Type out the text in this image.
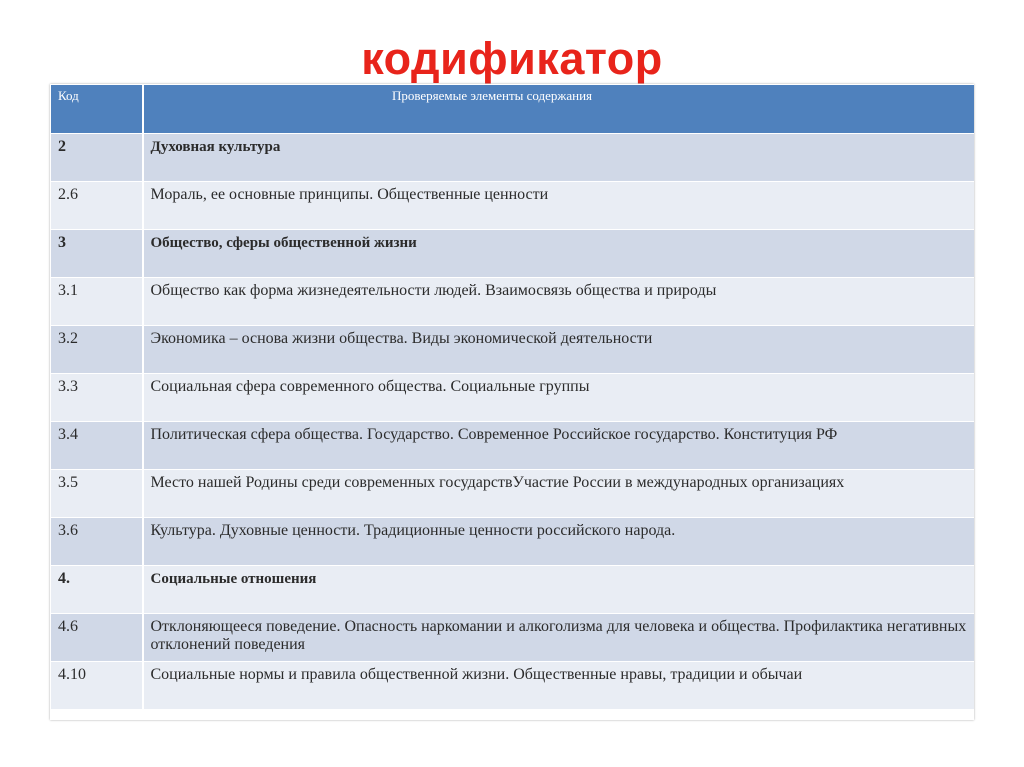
кодификатор
Код	Проверяемые элементы содержания
2	Духовная культура
2.6	Мораль, ее основные принципы. Общественные ценности
3	Общество, сферы общественной жизни
3.1	Общество как форма жизнедеятельности людей. Взаимосвязь общества и природы
3.2	Экономика – основа жизни общества. Виды экономической деятельности
3.3	Социальная сфера современного общества. Социальные группы
3.4	Политическая сфера общества. Государство. Современное Российское государство. Конституция РФ
3.5	Место нашей Родины среди современных государствУчастие России в международных организациях
3.6	Культура. Духовные ценности. Традиционные ценности российского народа.
4.	Социальные отношения
4.6	Отклоняющееся поведение. Опасность наркомании и алкоголизма для человека и общества. Профилактика негативных отклонений поведения
4.10	Социальные нормы и правила общественной жизни. Общественные нравы, традиции и обычаи
